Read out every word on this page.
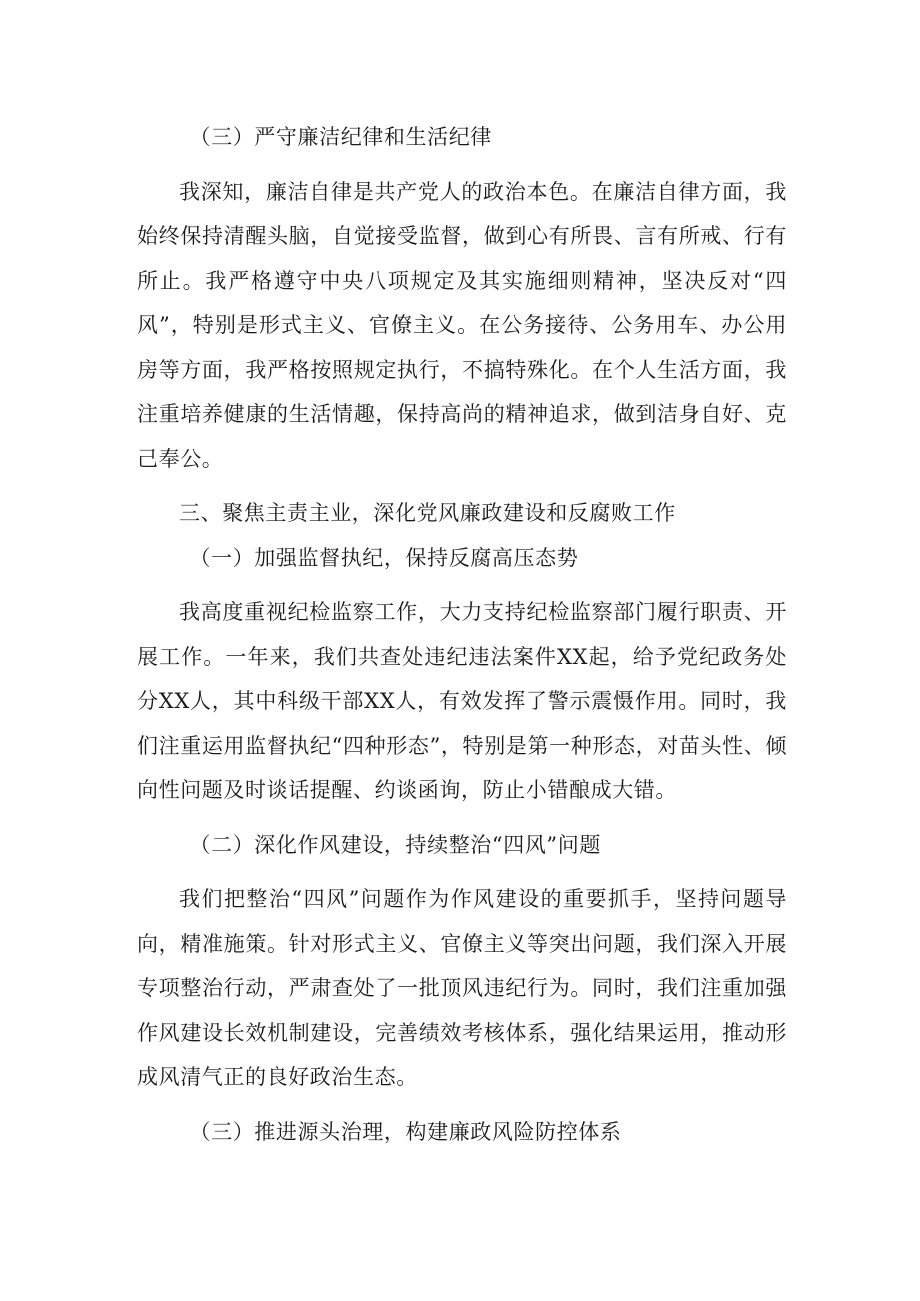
（三）严守廉洁纪律和生活纪律

我深知，廉洁自律是共产党人的政治本色。在廉洁自律方面，我始终保持清醒头脑，自觉接受监督，做到心有所畏、言有所戒、行有所止。我严格遵守中央八项规定及其实施细则精神，坚决反对“四风”，特别是形式主义、官僚主义。在公务接待、公务用车、办公用房等方面，我严格按照规定执行，不搞特殊化。在个人生活方面，我注重培养健康的生活情趣，保持高尚的精神追求，做到洁身自好、克己奉公。

三、聚焦主责主业，深化党风廉政建设和反腐败工作

（一）加强监督执纪，保持反腐高压态势

我高度重视纪检监察工作，大力支持纪检监察部门履行职责、开展工作。一年来，我们共查处违纪违法案件XX起，给予党纪政务处分XX人，其中科级干部XX人，有效发挥了警示震慑作用。同时，我们注重运用监督执纪“四种形态”，特别是第一种形态，对苗头性、倾向性问题及时谈话提醒、约谈函询，防止小错酿成大错。

（二）深化作风建设，持续整治“四风”问题

我们把整治“四风”问题作为作风建设的重要抓手，坚持问题导向，精准施策。针对形式主义、官僚主义等突出问题，我们深入开展专项整治行动，严肃查处了一批顶风违纪行为。同时，我们注重加强作风建设长效机制建设，完善绩效考核体系，强化结果运用，推动形成风清气正的良好政治生态。

（三）推进源头治理，构建廉政风险防控体系
